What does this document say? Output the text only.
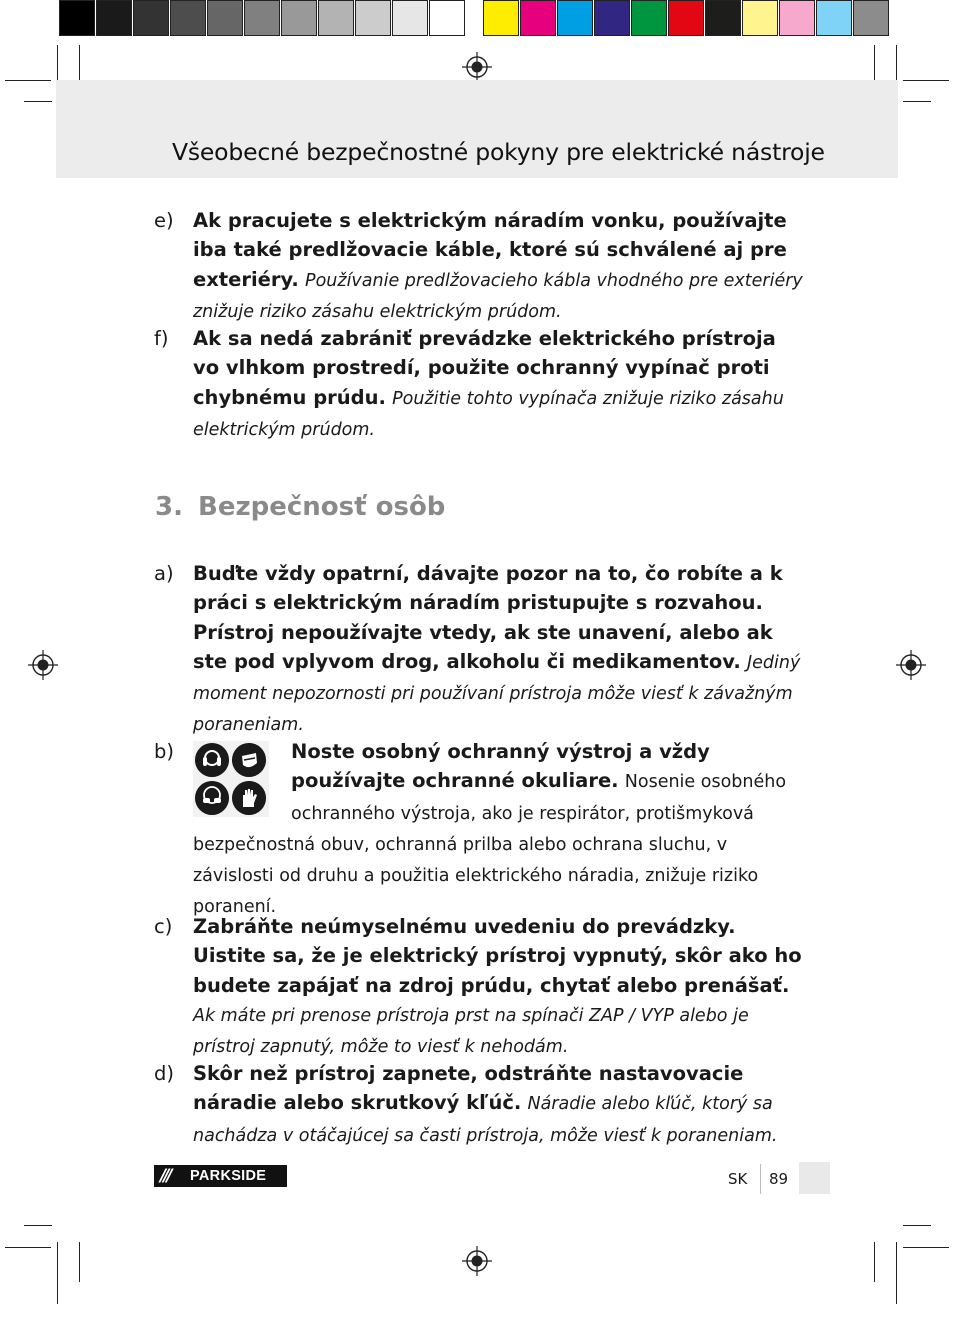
Všeobecné bezpečnostné pokyny pre elektrické nástroje
e) Ak pracujete s elektrickým náradím vonku, používajte iba také predlžovacie káble, ktoré sú schválené aj pre exteriéry. Používanie predlžovacieho kábla vhodného pre exteriéry znižuje riziko zásahu elektrickým prúdom.
f)	Ak sa nedá zabrániť prevádzke elektrického prístroja vo vlhkom prostredí, použite ochranný vypínač proti chybnému prúdu. Použitie tohto vypínača znižuje riziko zásahu elektrickým prúdom.
3. Bezpečnosť osôb
a) Buďte vždy opatrní, dávajte pozor na to, čo robíte a k práci s elektrickým náradím pristupujte s rozvahou. Prístroj nepoužívajte vtedy, ak ste unavení, alebo ak ste pod vplyvom drog, alkoholu či medikamentov. Jediný moment nepozornosti pri používaní prístroja môže viesť k závažným poraneniam.
b)	Noste osobný ochranný výstroj a vždy používajte ochranné okuliare. Nosenie osobného ochranného výstroja, ako je respirátor, protišmyková bezpečnostná obuv, ochranná prilba alebo ochrana sluchu, v závislosti od druhu a použitia elektrického náradia, znižuje riziko poranení.
c)	Zabráňte neúmyselnému uvedeniu do prevádzky. Uistite sa, že je elektrický prístroj vypnutý, skôr ako ho budete zapájať na zdroj prúdu, chytať alebo prenášať. Ak máte pri prenose prístroja prst na spínači ZAP / VYP alebo je prístroj zapnutý, môže to viesť k nehodám.
d) Skôr než prístroj zapnete, odstráňte nastavovacie náradie alebo skrutkový kľúč. Náradie alebo kľúč, ktorý sa nachádza v otáčajúcej sa časti prístroja, môže viesť k poraneniam.
/// PARKSIDE	SK 89
